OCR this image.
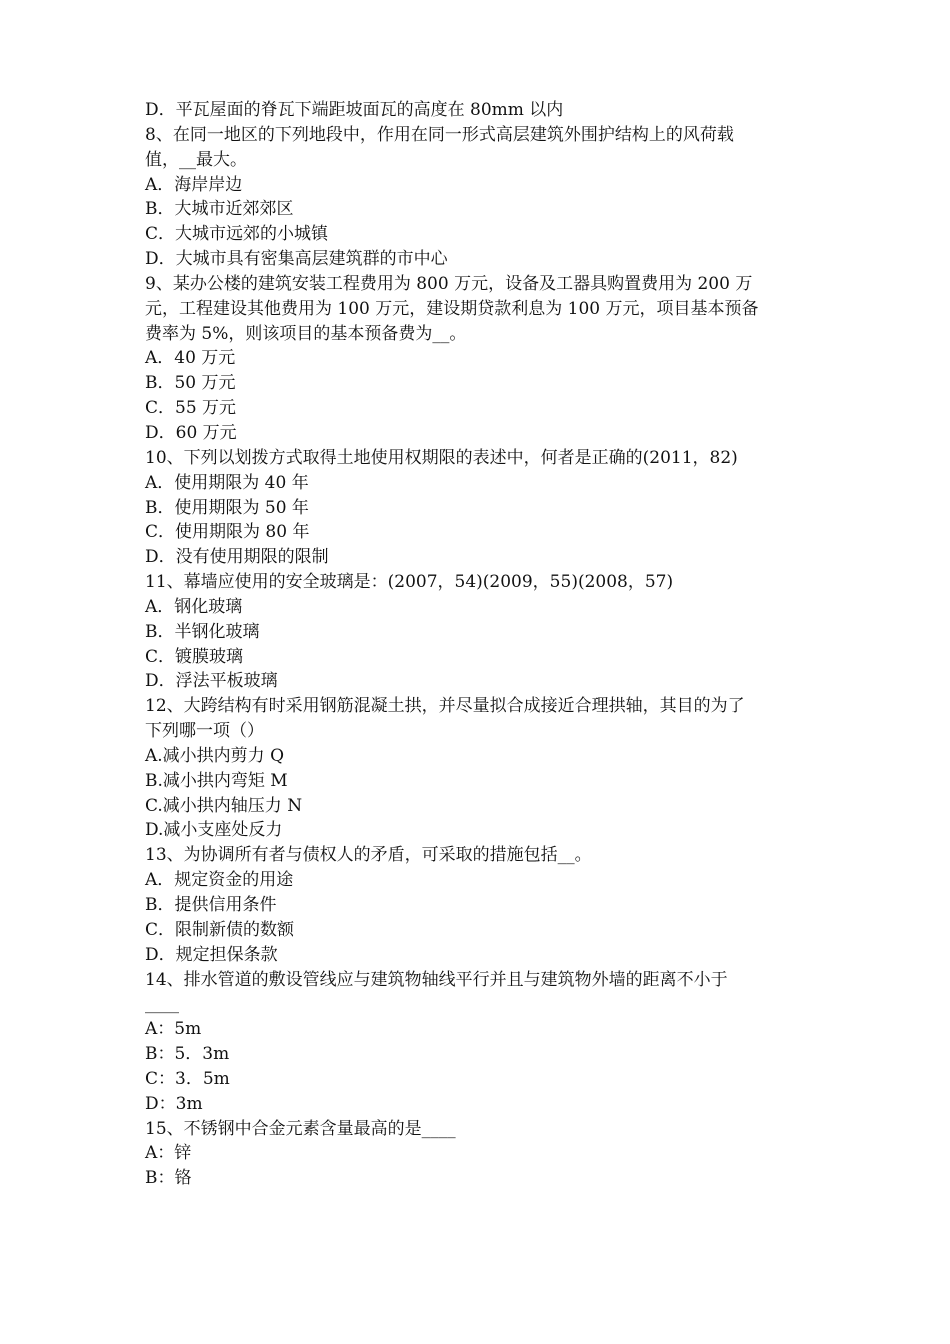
D．平瓦屋面的脊瓦下端距坡面瓦的高度在 80mm 以内

8、在同一地区的下列地段中，作用在同一形式高层建筑外围护结构上的风荷载

值，__最大。

A．海岸岸边

B．大城市近郊郊区

C．大城市远郊的小城镇

D．大城市具有密集高层建筑群的市中心

9、某办公楼的建筑安装工程费用为 800 万元，设备及工器具购置费用为 200 万

元，工程建设其他费用为 100 万元，建设期贷款利息为 100 万元，项目基本预备

费率为 5%，则该项目的基本预备费为__。

A．40 万元

B．50 万元

C．55 万元

D．60 万元

10、下列以划拨方式取得土地使用权期限的表述中，何者是正确的(2011，82)

A．使用期限为 40 年

B．使用期限为 50 年

C．使用期限为 80 年

D．没有使用期限的限制

11、幕墙应使用的安全玻璃是：(2007，54)(2009，55)(2008，57)

A．钢化玻璃

B．半钢化玻璃

C．镀膜玻璃

D．浮法平板玻璃

12、大跨结构有时采用钢筋混凝土拱，并尽量拟合成接近合理拱轴，其目的为了

下列哪一项（）

A.减小拱内剪力 Q

B.减小拱内弯矩 M

C.减小拱内轴压力 N

D.减小支座处反力

13、为协调所有者与债权人的矛盾，可采取的措施包括__。

A．规定资金的用途

B．提供信用条件

C．限制新债的数额

D．规定担保条款

14、排水管道的敷设管线应与建筑物轴线平行并且与建筑物外墙的距离不小于

____

A：5m

B：5．3m

C：3．5m

D：3m

15、不锈钢中合金元素含量最高的是____

A：锌

B：铬
